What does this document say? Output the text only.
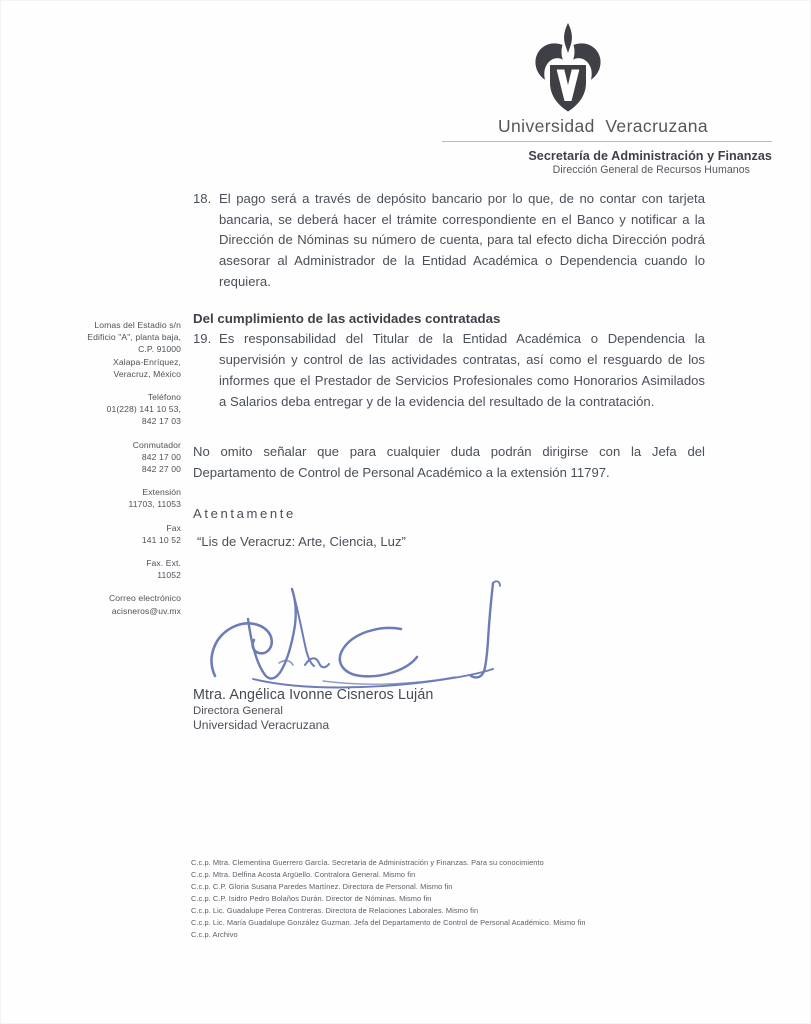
Universidad  Veracruzana
Secretaría de Administración y Finanzas
Dirección General de Recursos Humanos
Lomas del Estadio s/n
Edificio "A", planta baja,
C.P. 91000
Xalapa-Enríquez,
Veracruz, México
Teléfono
01(228) 141 10 53,
842 17 03
Conmutador
842 17 00
842 27 00
Extensión
11703, 11053
Fax
141 10 52
Fax. Ext.
11052
Correo electrónico
acisneros@uv.mx
18. El pago será a través de depósito bancario por lo que, de no contar con tarjeta bancaria, se deberá hacer el trámite correspondiente en el Banco y notificar a la Dirección de Nóminas su número de cuenta, para tal efecto dicha Dirección podrá asesorar al Administrador de la Entidad Académica o Dependencia cuando lo requiera.
Del cumplimiento de las actividades contratadas
19. Es responsabilidad del Titular de la Entidad Académica o Dependencia la supervisión y control de las actividades contratas, así como el resguardo de los informes que el Prestador de Servicios Profesionales como Honorarios Asimilados a Salarios deba entregar y de la evidencia del resultado de la contratación.
No omito señalar que para cualquier duda podrán dirigirse con la Jefa del Departamento de Control de Personal Académico a la extensión 11797.
Atentamente
“Lis de Veracruz: Arte, Ciencia, Luz”
Mtra. Angélica Ivonne Cisneros Luján
Directora General
Universidad Veracruzana
C.c.p. Mtra. Clementina Guerrero García. Secretaria de Administración y Finanzas. Para su conocimiento
C.c.p. Mtra. Delfina Acosta Argüello. Contralora General. Mismo fin
C.c.p. C.P. Gloria Susana Paredes Martínez. Directora de Personal. Mismo fin
C.c.p. C.P. Isidro Pedro Bolaños Durán. Director de Nóminas. Mismo fin
C.c.p. Lic. Guadalupe Perea Contreras. Directora de Relaciones Laborales. Mismo fin
C.c.p. Lic. María Guadalupe González Guzman. Jefa del Departamento de Control de Personal Académico. Mismo fin
C.c.p. Archivo
